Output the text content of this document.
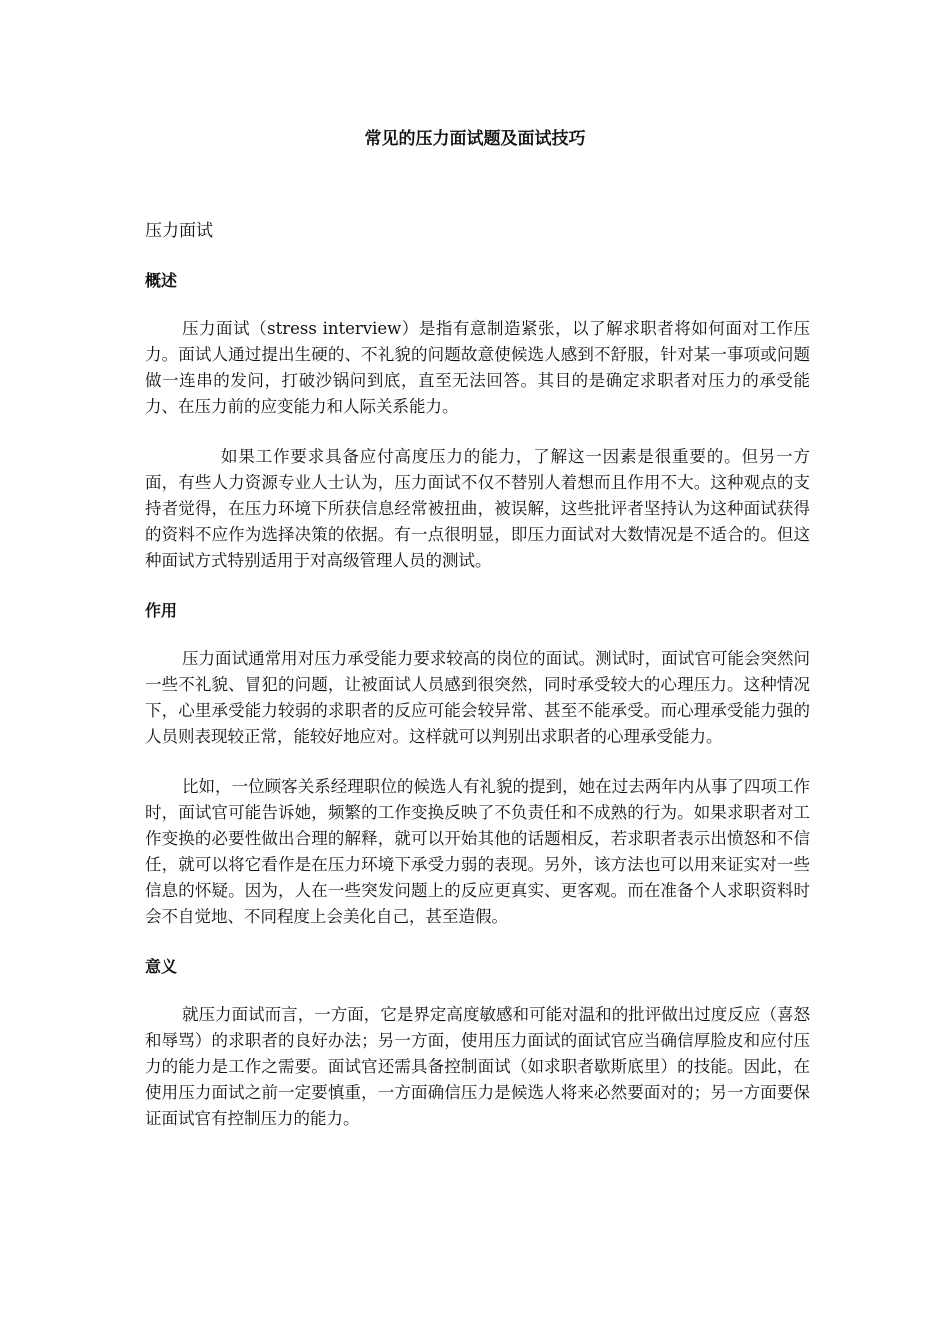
常见的压力面试题及面试技巧

压力面试

概述

压力面试（stress interview）是指有意制造紧张，以了解求职者将如何面对工作压力。面试人通过提出生硬的、不礼貌的问题故意使候选人感到不舒服，针对某一事项或问题做一连串的发问，打破沙锅问到底，直至无法回答。其目的是确定求职者对压力的承受能力、在压力前的应变能力和人际关系能力。

如果工作要求具备应付高度压力的能力，了解这一因素是很重要的。但另一方面，有些人力资源专业人士认为，压力面试不仅不替别人着想而且作用不大。这种观点的支持者觉得，在压力环境下所获信息经常被扭曲，被误解，这些批评者坚持认为这种面试获得的资料不应作为选择决策的依据。有一点很明显，即压力面试对大数情况是不适合的。但这种面试方式特别适用于对高级管理人员的测试。

作用

压力面试通常用对压力承受能力要求较高的岗位的面试。测试时，面试官可能会突然问一些不礼貌、冒犯的问题，让被面试人员感到很突然，同时承受较大的心理压力。这种情况下，心里承受能力较弱的求职者的反应可能会较异常、甚至不能承受。而心理承受能力强的人员则表现较正常，能较好地应对。这样就可以判别出求职者的心理承受能力。

比如，一位顾客关系经理职位的候选人有礼貌的提到，她在过去两年内从事了四项工作时，面试官可能告诉她，频繁的工作变换反映了不负责任和不成熟的行为。如果求职者对工作变换的必要性做出合理的解释，就可以开始其他的话题相反，若求职者表示出愤怒和不信任，就可以将它看作是在压力环境下承受力弱的表现。另外，该方法也可以用来证实对一些信息的怀疑。因为，人在一些突发问题上的反应更真实、更客观。而在准备个人求职资料时会不自觉地、不同程度上会美化自己，甚至造假。

意义

就压力面试而言，一方面，它是界定高度敏感和可能对温和的批评做出过度反应（喜怒和辱骂）的求职者的良好办法；另一方面，使用压力面试的面试官应当确信厚脸皮和应付压力的能力是工作之需要。面试官还需具备控制面试（如求职者歇斯底里）的技能。因此，在使用压力面试之前一定要慎重，一方面确信压力是候选人将来必然要面对的；另一方面要保证面试官有控制压力的能力。
